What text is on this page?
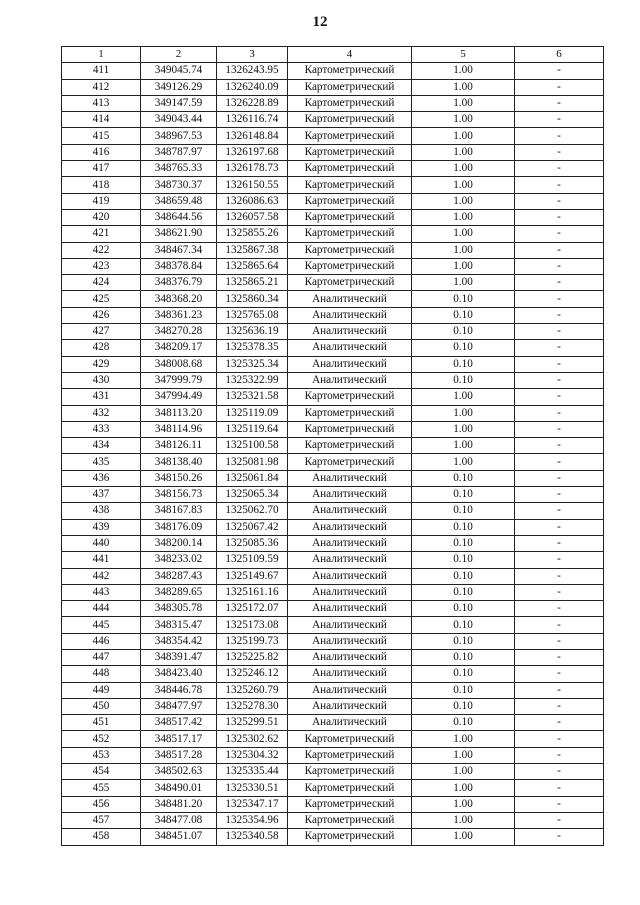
12
1	2	3	4	5	6
411	349045.74	1326243.95	Картометрический	1.00	-
412	349126.29	1326240.09	Картометрический	1.00	-
413	349147.59	1326228.89	Картометрический	1.00	-
414	349043.44	1326116.74	Картометрический	1.00	-
415	348967.53	1326148.84	Картометрический	1.00	-
416	348787.97	1326197.68	Картометрический	1.00	-
417	348765.33	1326178.73	Картометрический	1.00	-
418	348730.37	1326150.55	Картометрический	1.00	-
419	348659.48	1326086.63	Картометрический	1.00	-
420	348644.56	1326057.58	Картометрический	1.00	-
421	348621.90	1325855.26	Картометрический	1.00	-
422	348467.34	1325867.38	Картометрический	1.00	-
423	348378.84	1325865.64	Картометрический	1.00	-
424	348376.79	1325865.21	Картометрический	1.00	-
425	348368.20	1325860.34	Аналитический	0.10	-
426	348361.23	1325765.08	Аналитический	0.10	-
427	348270.28	1325636.19	Аналитический	0.10	-
428	348209.17	1325378.35	Аналитический	0.10	-
429	348008.68	1325325.34	Аналитический	0.10	-
430	347999.79	1325322.99	Аналитический	0.10	-
431	347994.49	1325321.58	Картометрический	1.00	-
432	348113.20	1325119.09	Картометрический	1.00	-
433	348114.96	1325119.64	Картометрический	1.00	-
434	348126.11	1325100.58	Картометрический	1.00	-
435	348138.40	1325081.98	Картометрический	1.00	-
436	348150.26	1325061.84	Аналитический	0.10	-
437	348156.73	1325065.34	Аналитический	0.10	-
438	348167.83	1325062.70	Аналитический	0.10	-
439	348176.09	1325067.42	Аналитический	0.10	-
440	348200.14	1325085.36	Аналитический	0.10	-
441	348233.02	1325109.59	Аналитический	0.10	-
442	348287.43	1325149.67	Аналитический	0.10	-
443	348289.65	1325161.16	Аналитический	0.10	-
444	348305.78	1325172.07	Аналитический	0.10	-
445	348315.47	1325173.08	Аналитический	0.10	-
446	348354.42	1325199.73	Аналитический	0.10	-
447	348391.47	1325225.82	Аналитический	0.10	-
448	348423.40	1325246.12	Аналитический	0.10	-
449	348446.78	1325260.79	Аналитический	0.10	-
450	348477.97	1325278.30	Аналитический	0.10	-
451	348517.42	1325299.51	Аналитический	0.10	-
452	348517.17	1325302.62	Картометрический	1.00	-
453	348517.28	1325304.32	Картометрический	1.00	-
454	348502.63	1325335.44	Картометрический	1.00	-
455	348490.01	1325330.51	Картометрический	1.00	-
456	348481.20	1325347.17	Картометрический	1.00	-
457	348477.08	1325354.96	Картометрический	1.00	-
458	348451.07	1325340.58	Картометрический	1.00	-
